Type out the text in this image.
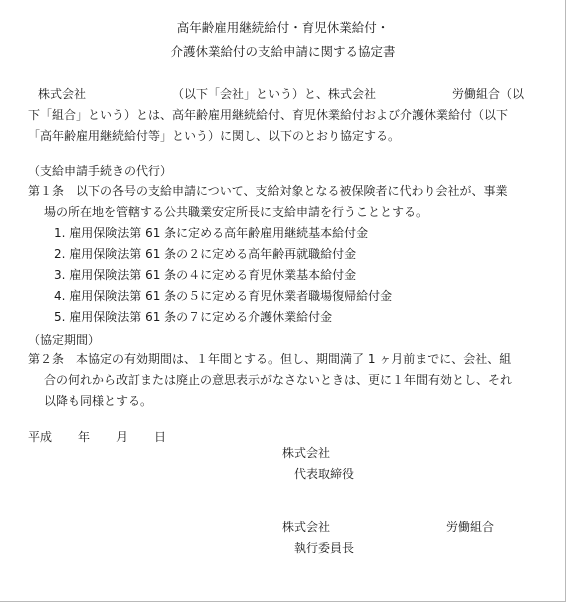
高年齢雇用継続給付・育児休業給付・
介護休業給付の支給申請に関する協定書
株式会社	（以下「会社」という）と、株式会社	労働組合（以
下「組合」という）とは、高年齢雇用継続給付、育児休業給付および介護休業給付（以下
「高年齢雇用継続給付等」という）に関し、以下のとおり協定する。
（支給申請手続きの代行）
第１条　以下の各号の支給申請について、支給対象となる被保険者に代わり会社が、事業
場の所在地を管轄する公共職業安定所長に支給申請を行うこととする。
1. 雇用保険法第 61 条に定める高年齢雇用継続基本給付金
2. 雇用保険法第 61 条の２に定める高年齢再就職給付金
3. 雇用保険法第 61 条の４に定める育児休業基本給付金
4. 雇用保険法第 61 条の５に定める育児休業者職場復帰給付金
5. 雇用保険法第 61 条の７に定める介護休業給付金
（協定期間）
第２条　本協定の有効期間は、１年間とする。但し、期間満了 1 ヶ月前までに、会社、組
合の何れから改訂または廃止の意思表示がなさないときは、更に１年間有効とし、それ
以降も同様とする。
平成 年 月 日
株式会社
代表取締役
株式会社	労働組合
執行委員長
